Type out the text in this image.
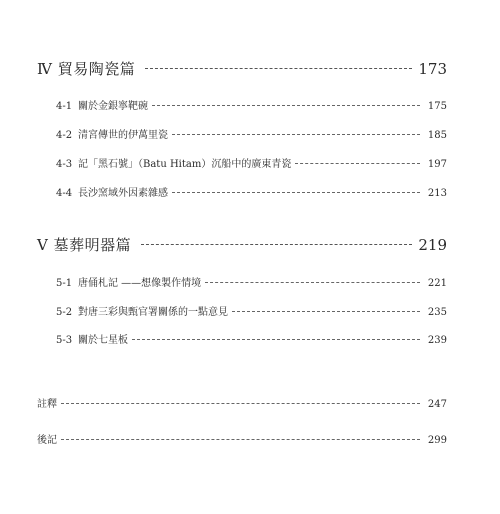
Ⅳ 貿易陶瓷篇	173
4-1 關於金銀寧靶碗	175
4-2 清宮傳世的伊萬里瓷	185
4-3 記「黑石號」（Batu Hitam）沉船中的廣東青瓷	197
4-4 長沙窯域外因素雜感	213
Ⅴ 墓葬明器篇	219
5-1 唐俑札記 ——想像製作情境	221
5-2 對唐三彩與甄官署關係的一點意見	235
5-3 關於七星板	239
註釋	247
後記	299
